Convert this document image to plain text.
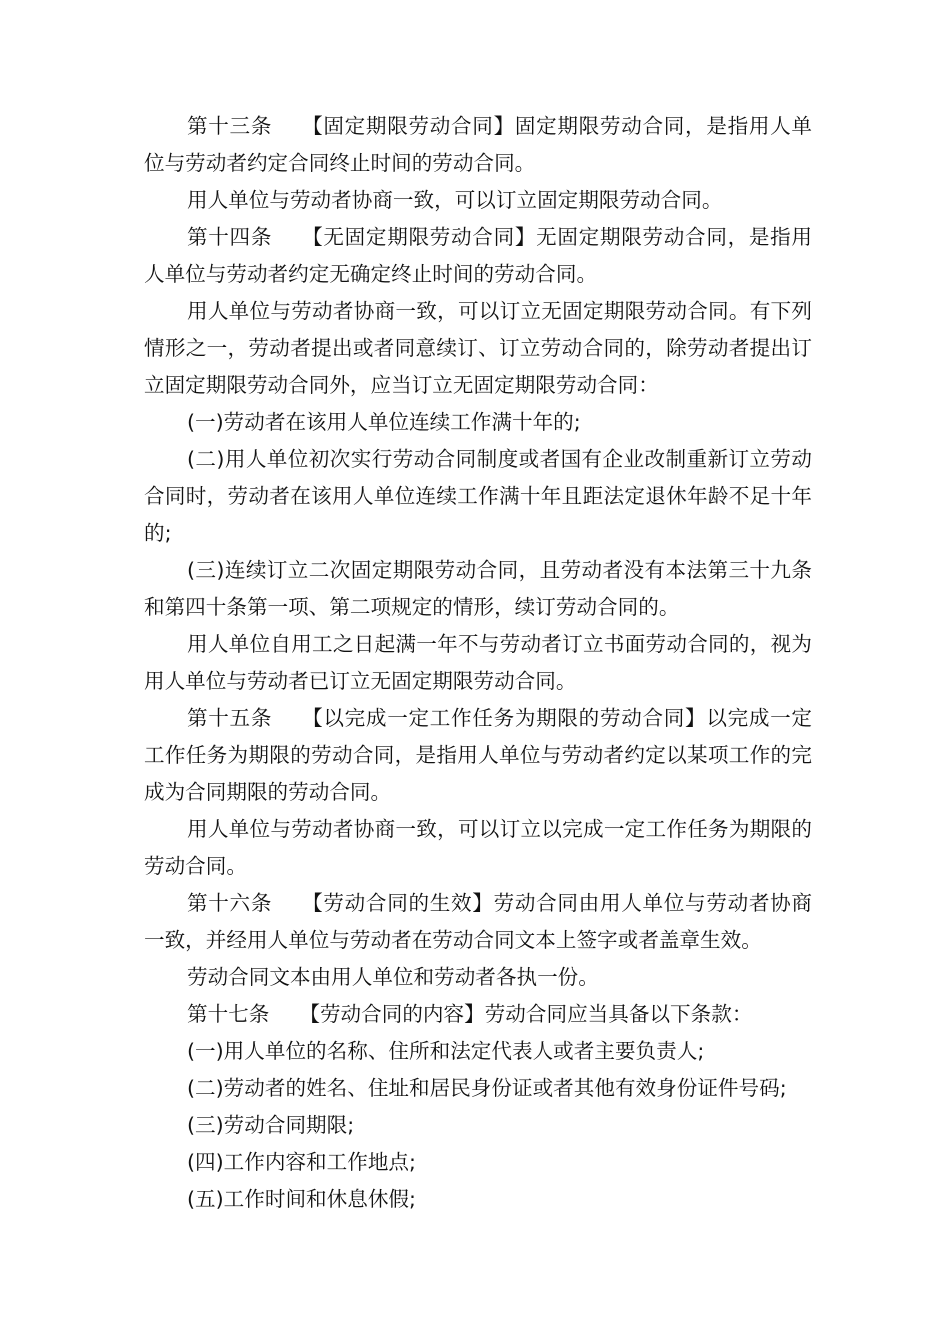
第十三条 【固定期限劳动合同】固定期限劳动合同，是指用人单位与劳动者约定合同终止时间的劳动合同。

用人单位与劳动者协商一致，可以订立固定期限劳动合同。

第十四条 【无固定期限劳动合同】无固定期限劳动合同，是指用人单位与劳动者约定无确定终止时间的劳动合同。

用人单位与劳动者协商一致，可以订立无固定期限劳动合同。有下列情形之一，劳动者提出或者同意续订、订立劳动合同的，除劳动者提出订立固定期限劳动合同外，应当订立无固定期限劳动合同：

(一)劳动者在该用人单位连续工作满十年的;

(二)用人单位初次实行劳动合同制度或者国有企业改制重新订立劳动合同时，劳动者在该用人单位连续工作满十年且距法定退休年龄不足十年的;

(三)连续订立二次固定期限劳动合同，且劳动者没有本法第三十九条和第四十条第一项、第二项规定的情形，续订劳动合同的。

用人单位自用工之日起满一年不与劳动者订立书面劳动合同的，视为用人单位与劳动者已订立无固定期限劳动合同。

第十五条 【以完成一定工作任务为期限的劳动合同】以完成一定工作任务为期限的劳动合同，是指用人单位与劳动者约定以某项工作的完成为合同期限的劳动合同。

用人单位与劳动者协商一致，可以订立以完成一定工作任务为期限的劳动合同。

第十六条 【劳动合同的生效】劳动合同由用人单位与劳动者协商一致，并经用人单位与劳动者在劳动合同文本上签字或者盖章生效。

劳动合同文本由用人单位和劳动者各执一份。

第十七条 【劳动合同的内容】劳动合同应当具备以下条款：

(一)用人单位的名称、住所和法定代表人或者主要负责人;

(二)劳动者的姓名、住址和居民身份证或者其他有效身份证件号码;

(三)劳动合同期限;

(四)工作内容和工作地点;

(五)工作时间和休息休假;
